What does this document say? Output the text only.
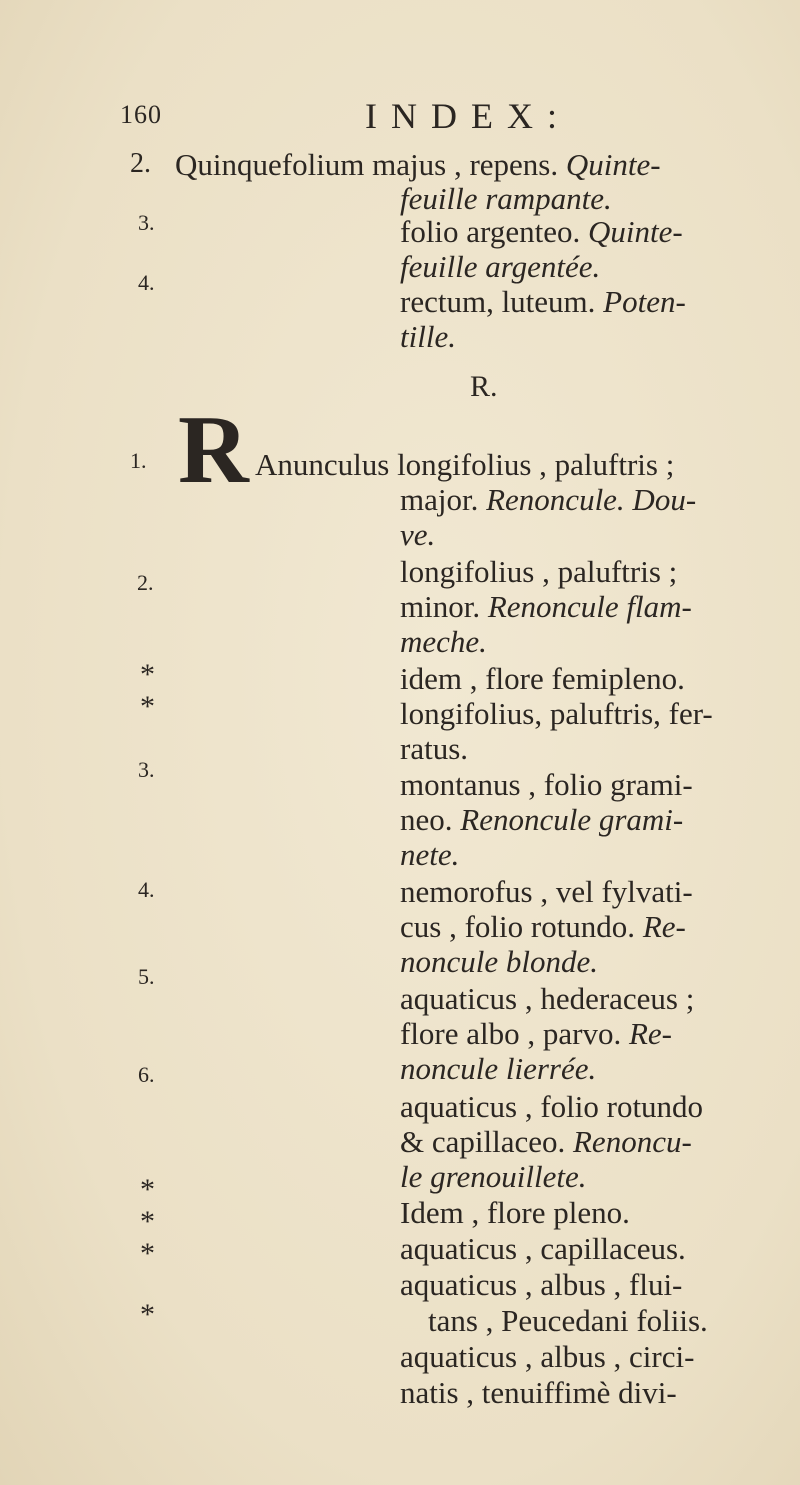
160	INDEX:
2.
3.
4.
1.
2.
3.
4.
5.
6.
*
*
*
*
*
*
Quinquefolium majus , repens. Quinte-
feuille rampante.
folio argenteo. Quinte-
feuille argentée.
rectum, luteum. Poten-
tille.
R.
R Anunculus longifolius , paluftris ;
major. Renoncule. Dou-
ve.
longifolius , paluftris ;
minor. Renoncule flam-
meche.
idem , flore femipleno.
longifolius, paluftris, fer-
ratus.
montanus , folio grami-
neo. Renoncule grami-
nete.
nemorofus , vel fylvati-
cus , folio rotundo. Re-
noncule blonde.
aquaticus , hederaceus ;
flore albo , parvo. Re-
noncule lierrée.
aquaticus , folio rotundo
& capillaceo. Renoncu-
le grenouillete.
Idem , flore pleno.
aquaticus , capillaceus.
aquaticus , albus , flui-
tans , Peucedani foliis.
aquaticus , albus , circi-
natis , tenuiffimè divi-
